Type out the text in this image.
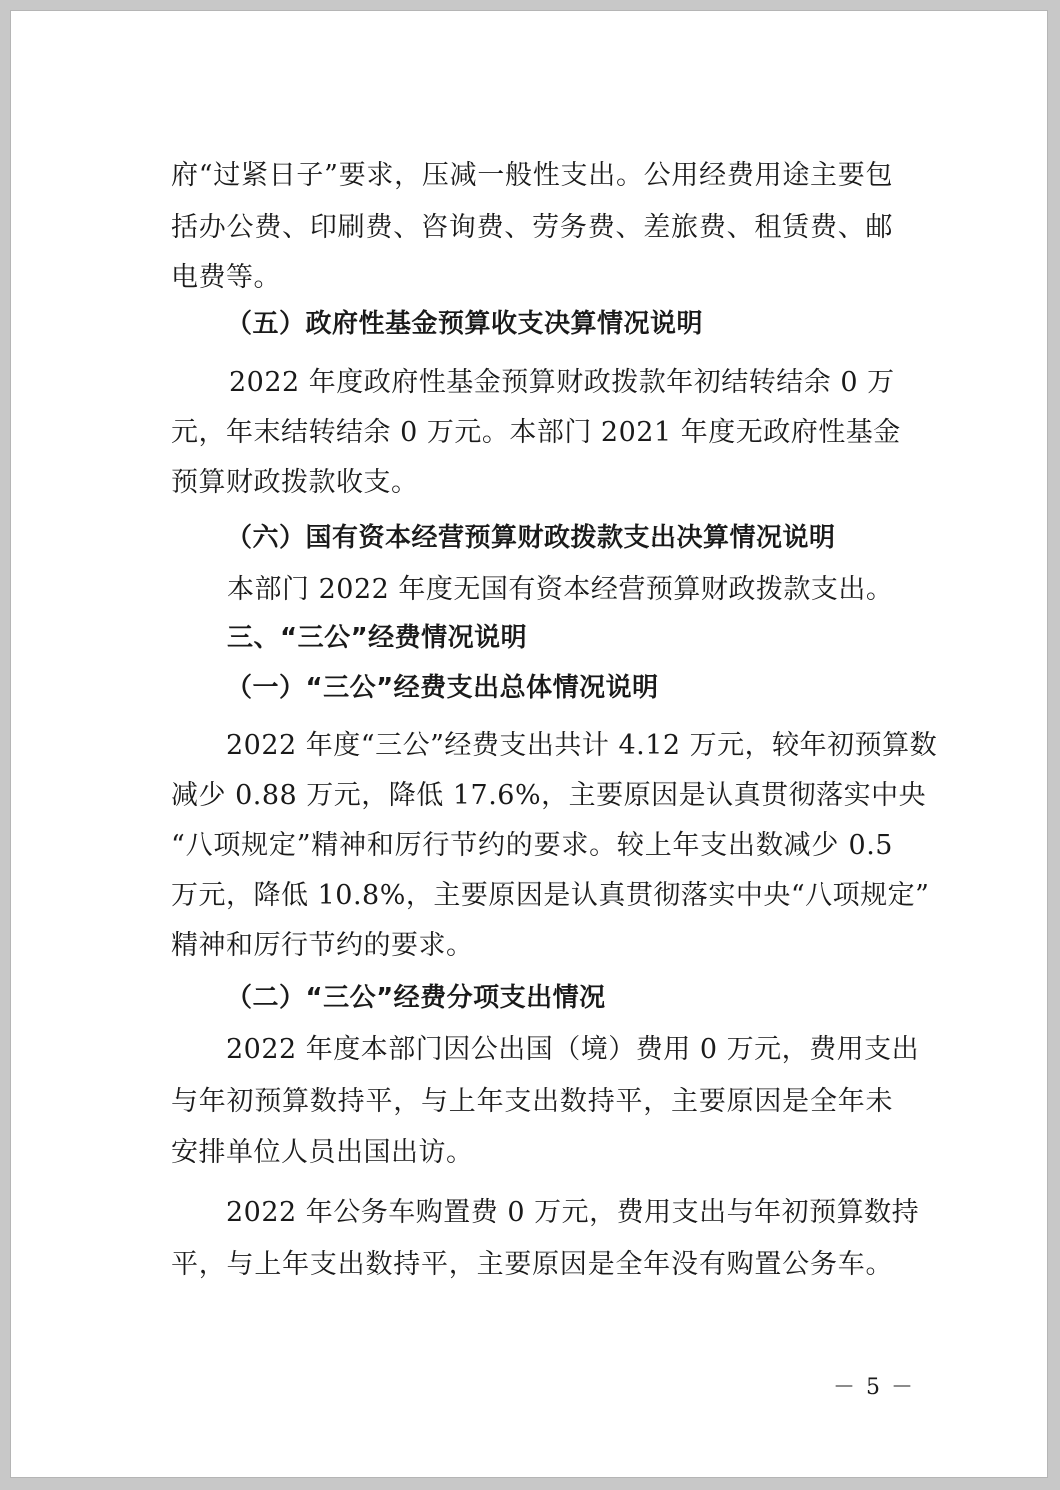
府“过紧日子”要求，压减一般性支出。公用经费用途主要包
括办公费、印刷费、咨询费、劳务费、差旅费、租赁费、邮
电费等。
（五）政府性基金预算收支决算情况说明
2022 年度政府性基金预算财政拨款年初结转结余 0 万
元，年末结转结余 0 万元。本部门 2021 年度无政府性基金
预算财政拨款收支。
（六）国有资本经营预算财政拨款支出决算情况说明
本部门 2022 年度无国有资本经营预算财政拨款支出。
三、“三公”经费情况说明
（一）“三公”经费支出总体情况说明
2022 年度“三公”经费支出共计 4.12 万元，较年初预算数
减少 0.88 万元，降低 17.6%，主要原因是认真贯彻落实中央
“八项规定”精神和厉行节约的要求。较上年支出数减少 0.5
万元，降低 10.8%，主要原因是认真贯彻落实中央“八项规定”
精神和厉行节约的要求。
（二）“三公”经费分项支出情况
2022 年度本部门因公出国（境）费用 0 万元，费用支出
与年初预算数持平，与上年支出数持平，主要原因是全年未
安排单位人员出国出访。
2022 年公务车购置费 0 万元，费用支出与年初预算数持
平，与上年支出数持平，主要原因是全年没有购置公务车。
－ 5 －
